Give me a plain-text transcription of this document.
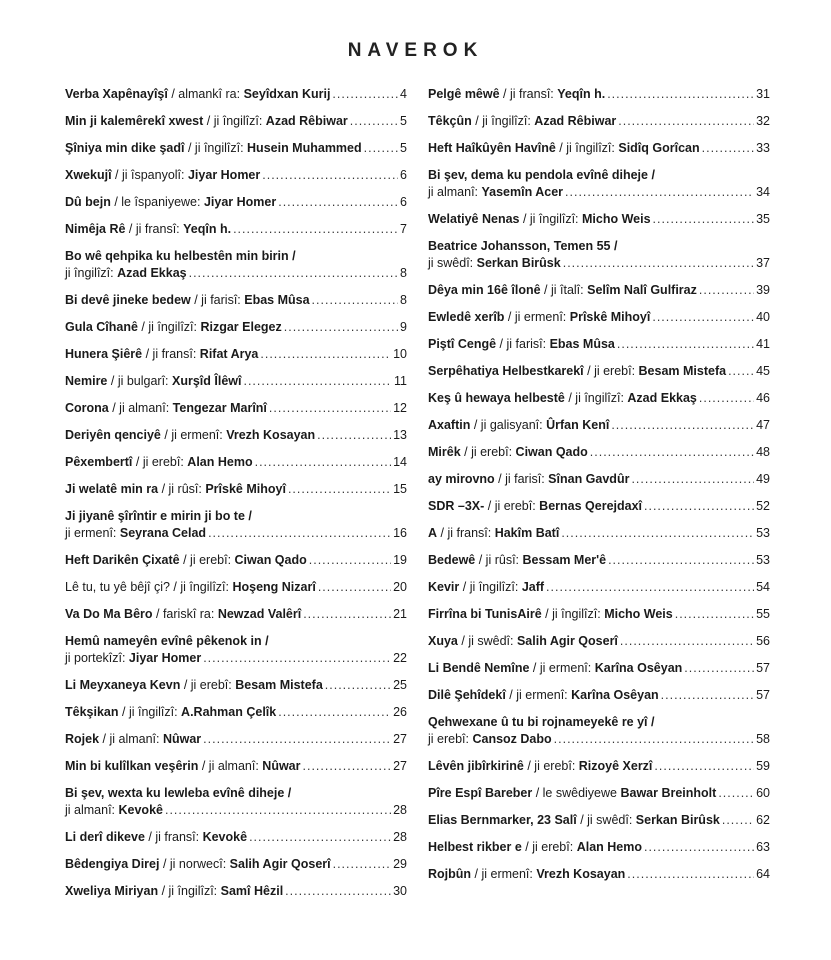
NAVEROK
Verba Xapênayîşî / almankî ra: Seyîdxan Kurij .....	4
Min ji kalemêrekî xwest / ji îngilîzî: Azad Rêbiwar .....	5
Şîniya min dike şadî / ji îngilîzî: Husein Muhammed .....	5
Xwekujî / ji îspanyolî: Jiyar Homer .....	6
Dû bejn / le îspaniyewe: Jiyar Homer .....	6
Nimêja Rê / ji fransî: Yeqîn h. .....	7
Bo wê qehpika ku helbestên min birin /
ji îngilîzî: Azad Ekkaş .....	8
Bi devê jineke bedew / ji farisî: Ebas Mûsa .....	8
Gula Cîhanê / ji îngilîzî: Rizgar Elegez .....	9
Hunera Şiêrê / ji fransî: Rifat Arya .....	10
Nemire / ji bulgarî: Xurşîd Îlêwî .....	11
Corona / ji almanî: Tengezar Marînî .....	12
Deriyên qenciyê / ji ermenî: Vrezh Kosayan .....	13
Pêxembertî / ji erebî: Alan Hemo .....	14
Ji welatê min ra / ji rûsî: Prîskê Mihoyî .....	15
Ji jiyanê şîrîntir e mirin ji bo te /
ji ermenî: Seyrana Celad .....	16
Heft Darikên Çixatê / ji erebî: Ciwan Qado .....	19
Lê tu, tu yê bêjî çi? / ji îngilîzî: Hoşeng Nizarî .....	20
Va Do Ma Bêro / fariskî ra: Newzad Valêrî .....	21
Hemû nameyên evînê pêkenok in /
ji portekîzî: Jiyar Homer .....	22
Li Meyxaneya Kevn / ji erebî: Besam Mistefa .....	25
Têkşikan / ji îngilîzî: A.Rahman Çelîk .....	26
Rojek / ji almanî: Nûwar .....	27
Min bi kulîlkan veşêrin / ji almanî: Nûwar .....	27
Bi şev, wexta ku lewleba evînê diheje /
ji almanî: Kevokê .....	28
Li derî dikeve / ji fransî: Kevokê .....	28
Bêdengiya Direj / ji norwecî: Salih Agir Qoserî .....	29
Xweliya Miriyan / ji îngilîzî: Samî Hêzil .....	30
Pelgê mêwê / ji fransî: Yeqîn h. .....	31
Têkçûn / ji îngilîzî: Azad Rêbiwar .....	32
Heft Haîkûyên Havînê / ji îngilîzî: Sidîq Gorîcan .....	33
Bi şev, dema ku pendola evînê diheje /
ji almanî: Yasemîn Acer .....	34
Welatiyê Nenas / ji îngilîzî: Micho Weis .....	35
Beatrice Johansson, Temen 55 /
ji swêdî: Serkan Birûsk .....	37
Dêya min 16ê îlonê / ji îtalî: Selîm Nalî Gulfiraz .....	39
Ewledê xerîb / ji ermenî: Prîskê Mihoyî .....	40
Piştî Cengê / ji farisî: Ebas Mûsa .....	41
Serpêhatiya Helbestkarekî / ji erebî: Besam Mistefa ..... 45
Keş û hewaya helbestê / ji îngilîzî: Azad Ekkaş .....	46
Axaftin / ji galisyanî: Ûrfan Kenî .....	47
Mirêk / ji erebî: Ciwan Qado .....	48
ay mirovno / ji farisî: Sînan Gavdûr .....	49
SDR –3X- / ji erebî: Bernas Qerejdaxî .....	52
A / ji fransî: Hakîm Batî .....	53
Bedewê / ji rûsî: Bessam Mer'ê .....	53
Kevir / ji îngilîzî: Jaff .....	54
Firrîna bi TunisAirê / ji îngilîzî: Micho Weis .....	55
Xuya / ji swêdî: Salih Agir Qoserî .....	56
Li Bendê Nemîne / ji ermenî: Karîna Osêyan .....	57
Dilê Şehîdekî / ji ermenî: Karîna Osêyan .....	57
Qehwexane û tu bi rojnameyekê re yî /
ji erebî: Cansoz Dabo .....	58
Lêvên jibîrkirinê / ji erebî: Rizoyê Xerzî .....	59
Pîre Espî Bareber / le swêdiyewe Bawar Breinholt .....	60
Elias Bernmarker, 23 Salî / ji swêdî: Serkan Birûsk .....	62
Helbest rikber e / ji erebî: Alan Hemo .....	63
Rojbûn / ji ermenî: Vrezh Kosayan .....	64
